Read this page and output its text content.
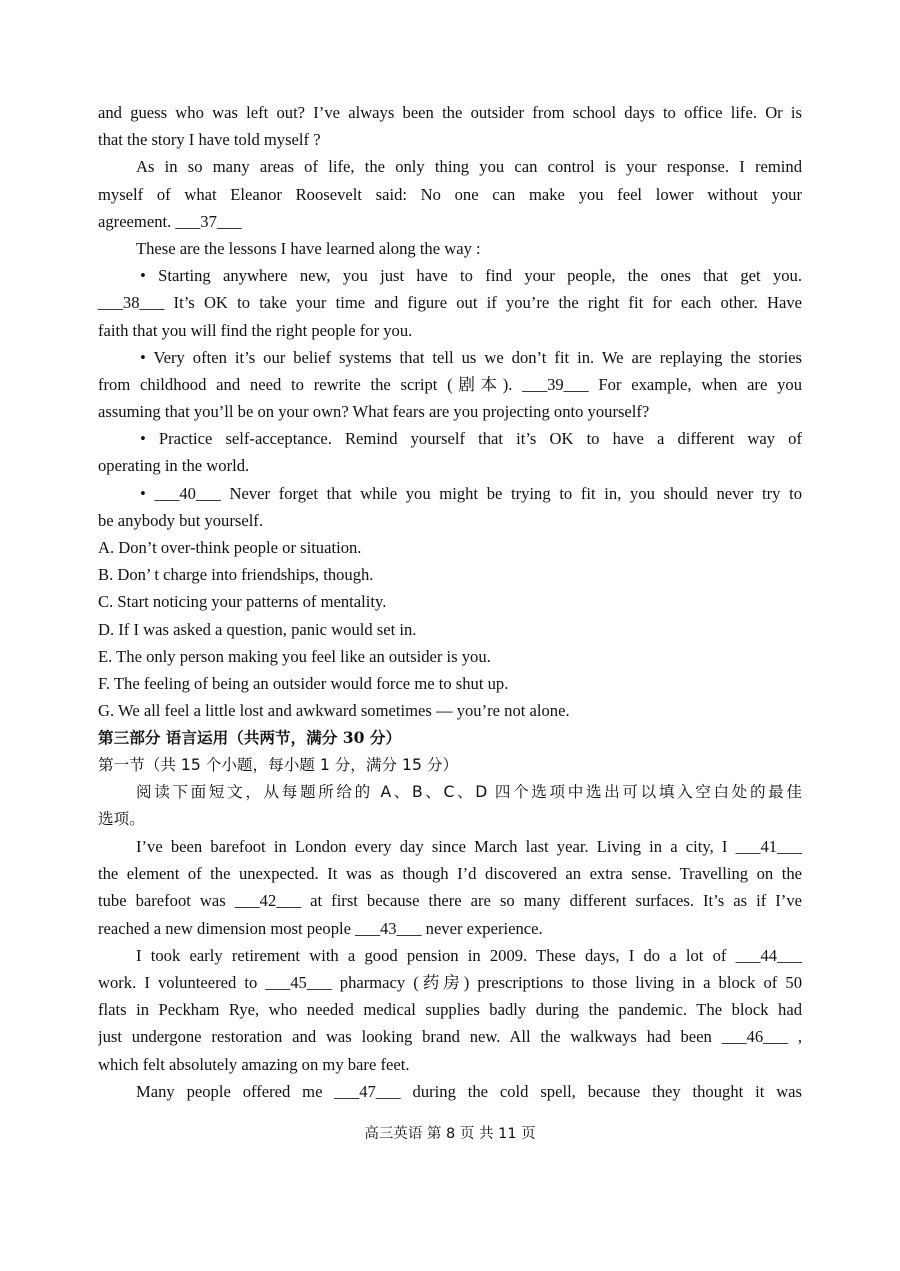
and guess who was left out? I’ve always been the outsider from school days to office life. Or is
that the story I have told myself ?
As in so many areas of life, the only thing you can control is your response. I remind
myself of what Eleanor Roosevelt said: No one can make you feel lower without your
agreement. ___37___
These are the lessons I have learned along the way :
• Starting anywhere new, you just have to find your people, the ones that get you.
___38___ It’s OK to take your time and figure out if you’re the right fit for each other. Have
faith that you will find the right people for you.
• Very often it’s our belief systems that tell us we don’t fit in. We are replaying the stories
from childhood and need to rewrite the script (剧本). ___39___ For example, when are you
assuming that you’ll be on your own? What fears are you projecting onto yourself?
• Practice self-acceptance. Remind yourself that it’s OK to have a different way of
operating in the world.
• ___40___ Never forget that while you might be trying to fit in, you should never try to
be anybody but yourself.
A. Don’t over-think people or situation.
B. Don’ t charge into friendships, though.
C. Start noticing your patterns of mentality.
D. If I was asked a question, panic would set in.
E. The only person making you feel like an outsider is you.
F. The feeling of being an outsider would force me to shut up.
G. We all feel a little lost and awkward sometimes — you’re not alone.
第三部分 语言运用（共两节，满分 30 分）
第一节（共 15 个小题，每小题 1 分，满分 15 分）
阅读下面短文，从每题所给的 A、B、C、D 四个选项中选出可以填入空白处的最佳
选项。
I’ve been barefoot in London every day since March last year. Living in a city, I ___41___
the element of the unexpected. It was as though I’d discovered an extra sense. Travelling on the
tube barefoot was ___42___ at first because there are so many different surfaces. It’s as if I’ve
reached a new dimension most people ___43___ never experience.
I took early retirement with a good pension in 2009. These days, I do a lot of ___44___
work. I volunteered to ___45___ pharmacy (药房) prescriptions to those living in a block of 50
flats in Peckham Rye, who needed medical supplies badly during the pandemic. The block had
just undergone restoration and was looking brand new. All the walkways had been ___46___ ,
which felt absolutely amazing on my bare feet.
Many people offered me ___47___ during the cold spell, because they thought it was
高三英语 第 8 页 共 11 页
